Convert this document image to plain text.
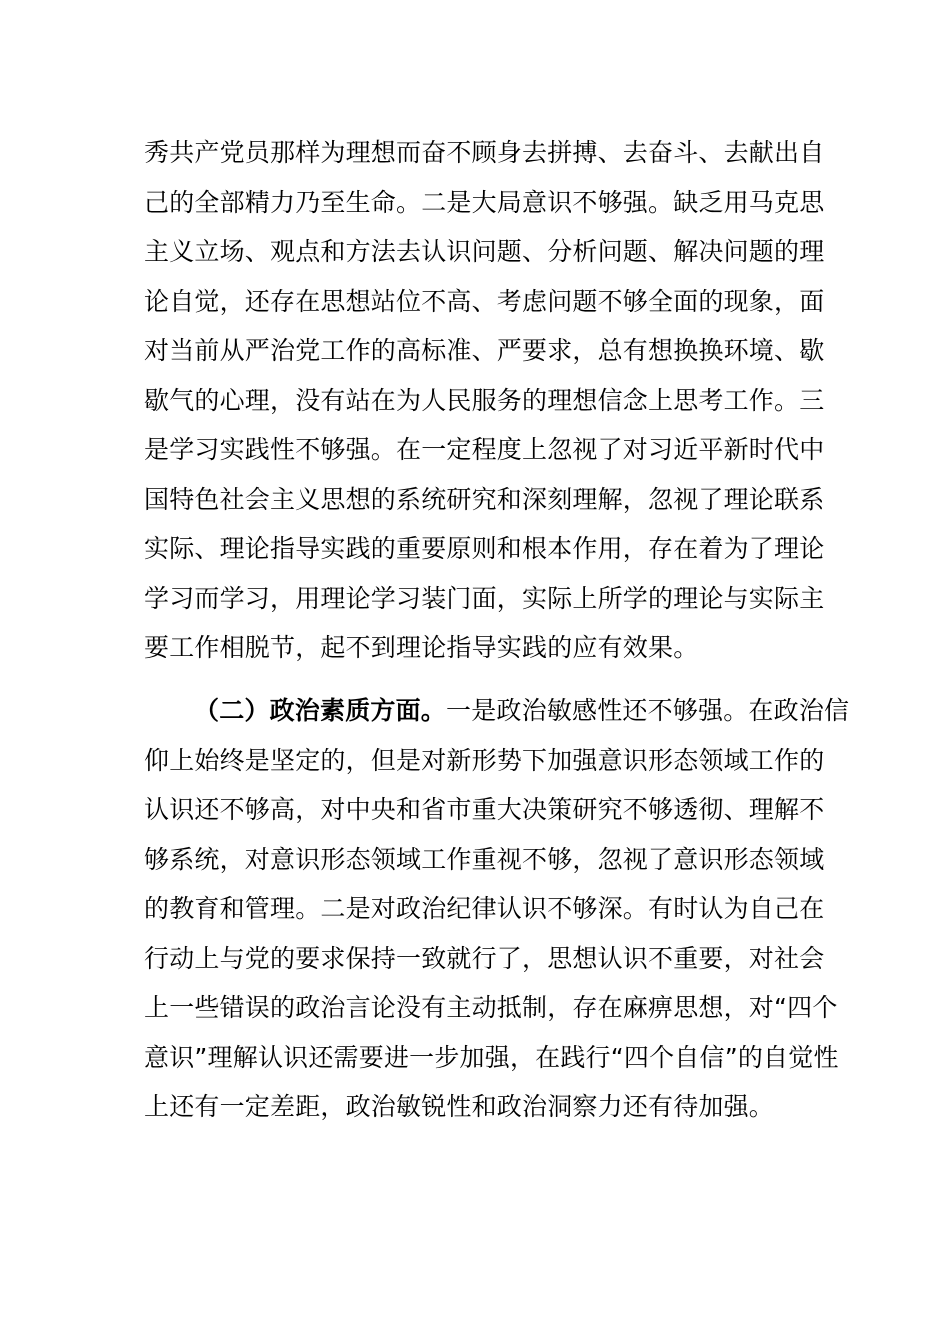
秀共产党员那样为理想而奋不顾身去拼搏、去奋斗、去献出自
己的全部精力乃至生命。二是大局意识不够强。缺乏用马克思
主义立场、观点和方法去认识问题、分析问题、解决问题的理
论自觉，还存在思想站位不高、考虑问题不够全面的现象，面
对当前从严治党工作的高标准、严要求，总有想换换环境、歇
歇气的心理，没有站在为人民服务的理想信念上思考工作。三
是学习实践性不够强。在一定程度上忽视了对习近平新时代中
国特色社会主义思想的系统研究和深刻理解，忽视了理论联系
实际、理论指导实践的重要原则和根本作用，存在着为了理论
学习而学习，用理论学习装门面，实际上所学的理论与实际主
要工作相脱节，起不到理论指导实践的应有效果。
（二）政治素质方面。一是政治敏感性还不够强。在政治信
仰上始终是坚定的，但是对新形势下加强意识形态领域工作的
认识还不够高，对中央和省市重大决策研究不够透彻、理解不
够系统，对意识形态领域工作重视不够，忽视了意识形态领域
的教育和管理。二是对政治纪律认识不够深。有时认为自己在
行动上与党的要求保持一致就行了，思想认识不重要，对社会
上一些错误的政治言论没有主动抵制，存在麻痹思想，对“四个
意识”理解认识还需要进一步加强，在践行“四个自信”的自觉性
上还有一定差距，政治敏锐性和政治洞察力还有待加强。
